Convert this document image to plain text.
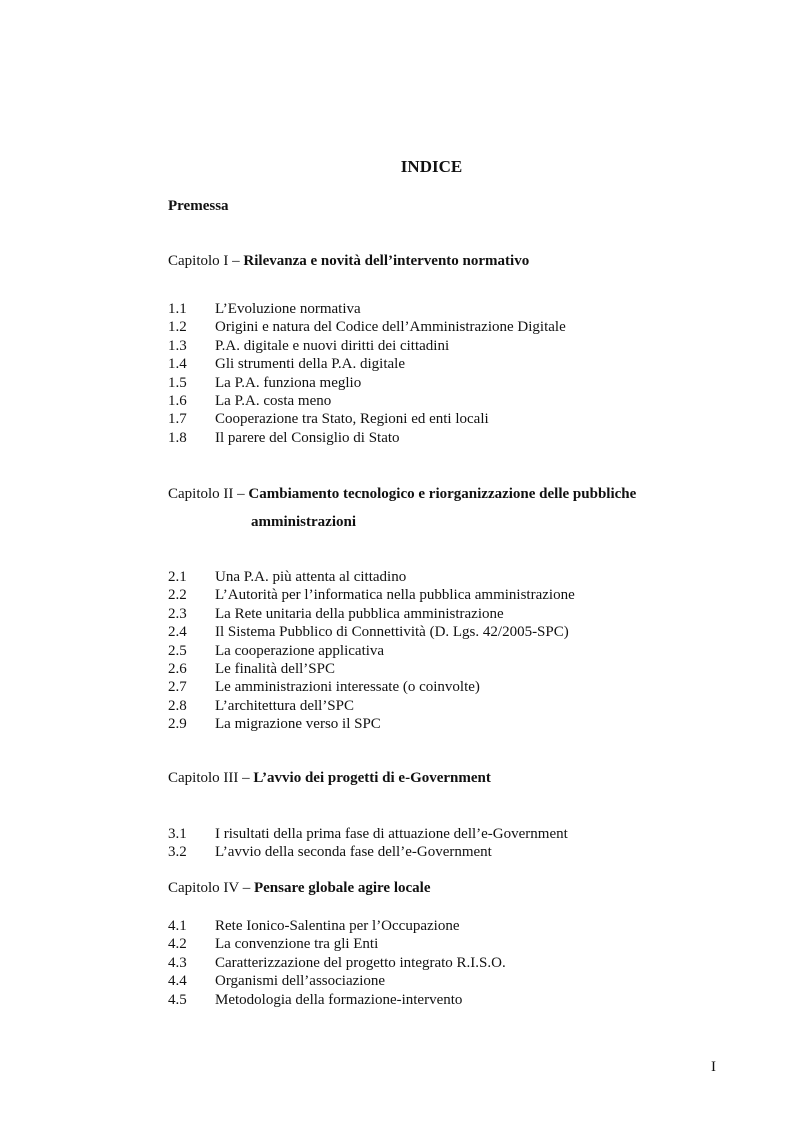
INDICE
Premessa
Capitolo I – Rilevanza e novità dell’intervento normativo
1.1 L’Evoluzione normativa
1.2 Origini e natura del Codice dell’Amministrazione Digitale
1.3 P.A. digitale e nuovi diritti dei cittadini
1.4 Gli strumenti della P.A. digitale
1.5 La P.A. funziona meglio
1.6 La P.A. costa meno
1.7 Cooperazione tra Stato, Regioni ed enti locali
1.8 Il parere del Consiglio di Stato
Capitolo II – Cambiamento tecnologico e riorganizzazione delle pubbliche
amministrazioni
2.1 Una P.A. più attenta al cittadino
2.2 L’Autorità per l’informatica nella pubblica amministrazione
2.3 La Rete unitaria della pubblica amministrazione
2.4 Il Sistema Pubblico di Connettività (D. Lgs. 42/2005-SPC)
2.5 La cooperazione applicativa
2.6 Le finalità dell’SPC
2.7 Le amministrazioni interessate (o coinvolte)
2.8 L’architettura dell’SPC
2.9 La migrazione verso il SPC
Capitolo III – L’avvio dei progetti di e-Government
3.1 I risultati della prima fase di attuazione dell’e-Government
3.2 L’avvio della seconda fase dell’e-Government
Capitolo IV – Pensare globale agire locale
4.1 Rete Ionico-Salentina per l’Occupazione
4.2 La convenzione tra gli Enti
4.3 Caratterizzazione del progetto integrato R.I.S.O.
4.4 Organismi dell’associazione
4.5 Metodologia della formazione-intervento
I
